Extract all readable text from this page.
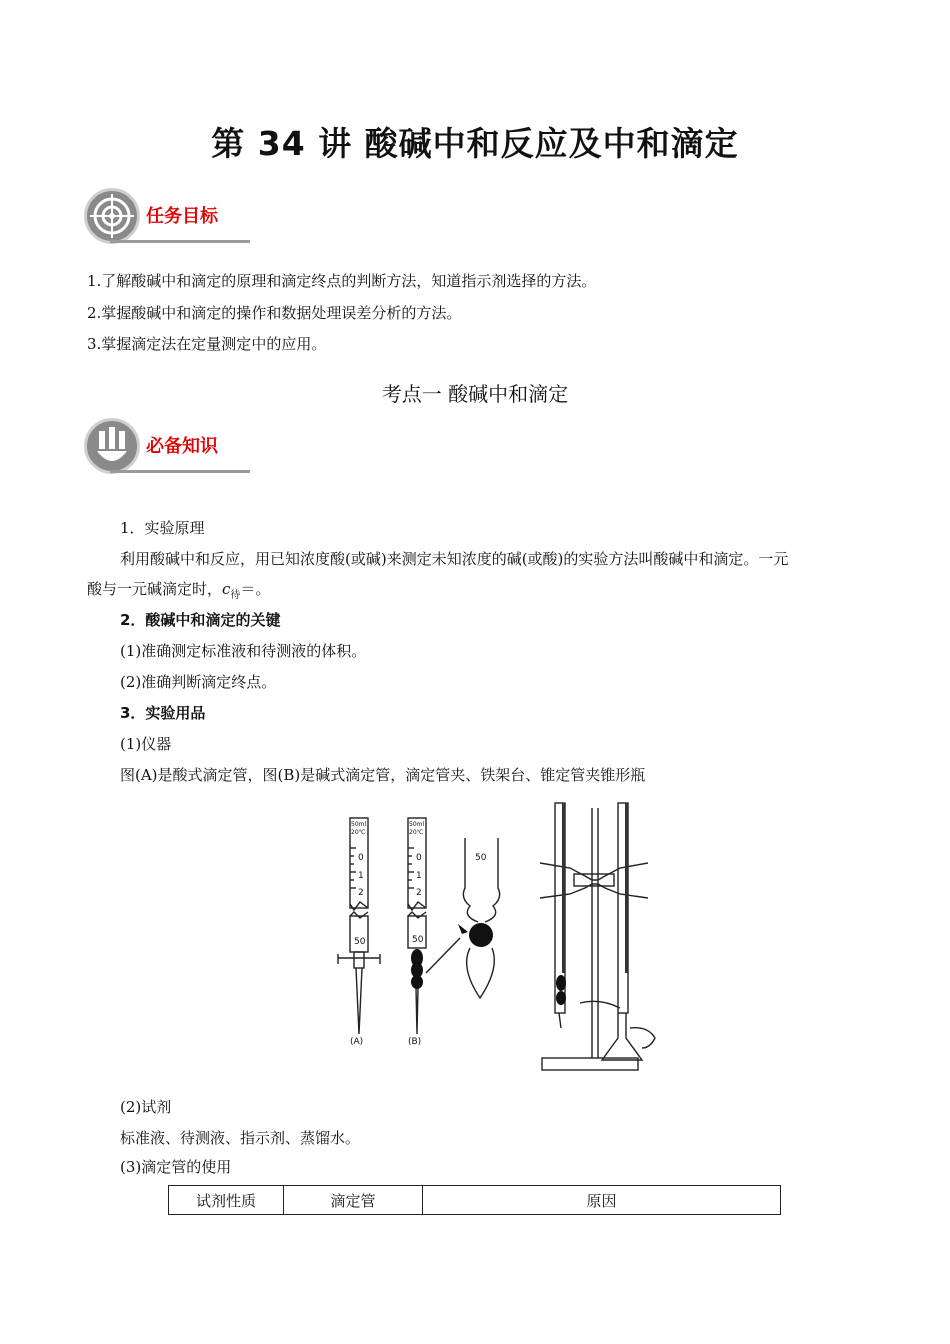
第 34 讲 酸碱中和反应及中和滴定
任务目标
1.了解酸碱中和滴定的原理和滴定终点的判断方法，知道指示剂选择的方法。
2.掌握酸碱中和滴定的操作和数据处理误差分析的方法。
3.掌握滴定法在定量测定中的应用。
考点一 酸碱中和滴定
必备知识
1．实验原理
利用酸碱中和反应，用已知浓度酸(或碱)来测定未知浓度的碱(或酸)的实验方法叫酸碱中和滴定。一元
酸与一元碱滴定时，$c_待=$。
2．酸碱中和滴定的关键
(1)准确测定标准液和待测液的体积。
(2)准确判断滴定终点。
3．实验用品
(1)仪器
图(A)是酸式滴定管，图(B)是碱式滴定管，滴定管夹、铁架台、锥定管夹锥形瓶
50ml
20℃
50ml
20℃
0
1
2
50
0
1
2
50
50
(A)	(B)
(2)试剂
标准液、待测液、指示剂、蒸馏水。
(3)滴定管的使用
试剂性质	滴定管	原因
